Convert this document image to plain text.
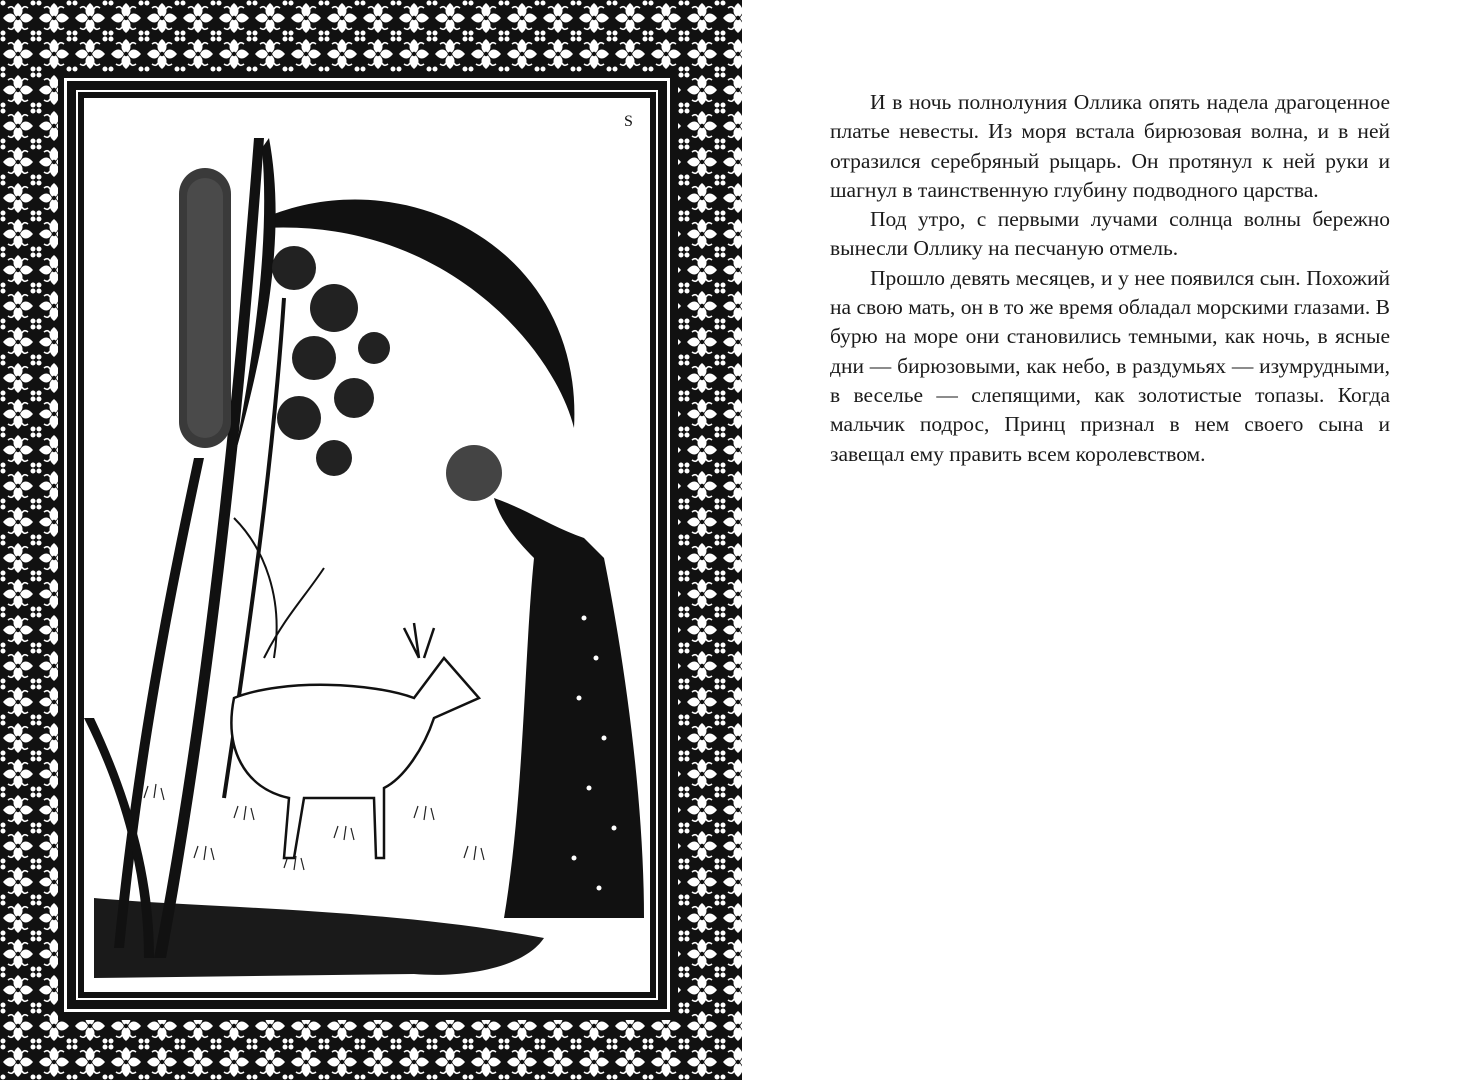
S

И в ночь полнолуния Оллика опять надела драгоценное платье невесты. Из моря встала бирюзовая волна, и в ней отразился серебряный рыцарь. Он протянул к ней руки и шагнул в таинственную глубину подводного царства.

Под утро, с первыми лучами солнца волны бережно вынесли Оллику на песчаную отмель.

Прошло девять месяцев, и у нее появился сын. Похожий на свою мать, он в то же время обладал морскими глазами. В бурю на море они становились темными, как ночь, в ясные дни — бирюзовыми, как небо, в раздумьях — изумрудными, в веселье — слепящими, как золотистые топазы. Когда мальчик подрос, Принц признал в нем своего сына и завещал ему править всем королевством.
